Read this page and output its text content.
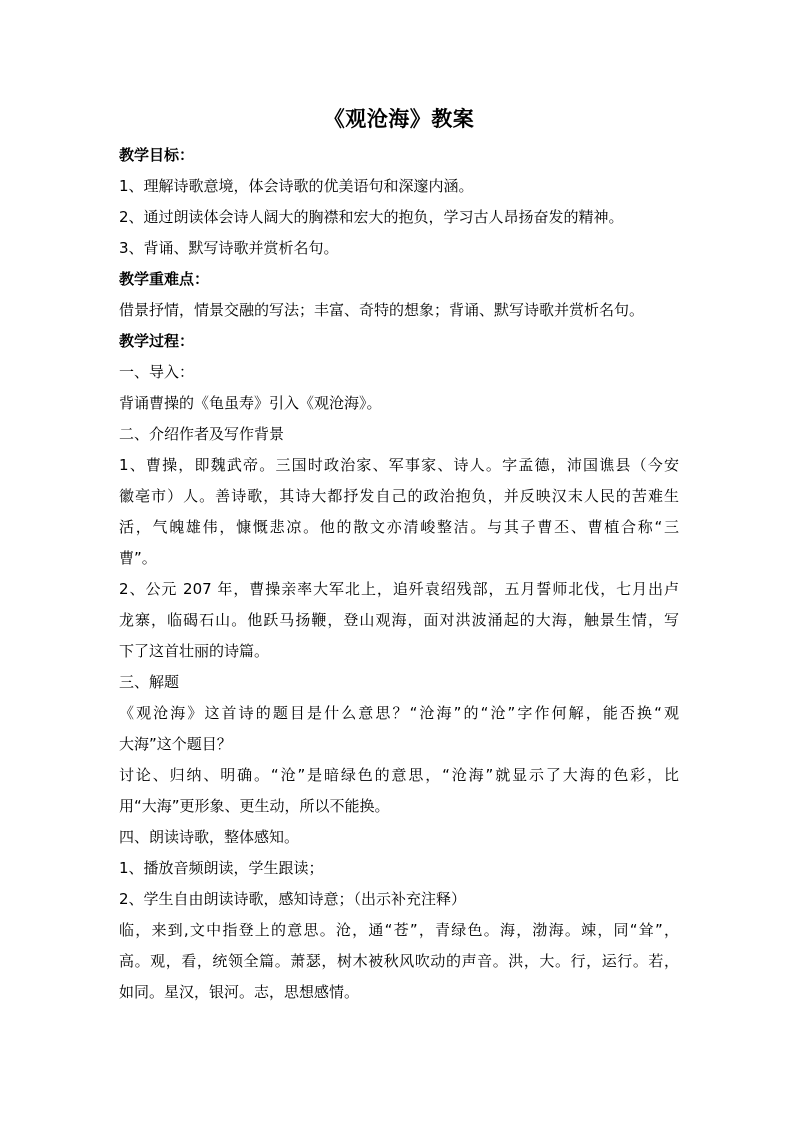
《观沧海》教案

教学目标：

1、理解诗歌意境，体会诗歌的优美语句和深邃内涵。

2、通过朗读体会诗人阔大的胸襟和宏大的抱负，学习古人昂扬奋发的精神。

3、背诵、默写诗歌并赏析名句。

教学重难点：

借景抒情，情景交融的写法；丰富、奇特的想象；背诵、默写诗歌并赏析名句。

教学过程：

一、导入：

背诵曹操的《龟虽寿》引入《观沧海》。

二、介绍作者及写作背景

1、曹操，即魏武帝。三国时政治家、军事家、诗人。字孟德，沛国谯县（今安

徽亳市）人。善诗歌，其诗大都抒发自己的政治抱负，并反映汉末人民的苦难生

活，气魄雄伟，慷慨悲凉。他的散文亦清峻整洁。与其子曹丕、曹植合称“三

曹”。

2、公元 207 年，曹操亲率大军北上，追歼袁绍残部，五月誓师北伐，七月出卢

龙寨，临碣石山。他跃马扬鞭，登山观海，面对洪波涌起的大海，触景生情，写

下了这首壮丽的诗篇。

三、解题

《观沧海》这首诗的题目是什么意思？“沧海”的“沧”字作何解，能否换“观

大海”这个题目？

讨论、归纳、明确。“沧”是暗绿色的意思，“沧海”就显示了大海的色彩，比

用“大海”更形象、更生动，所以不能换。

四、朗读诗歌，整体感知。

1、播放音频朗读，学生跟读；

2、学生自由朗读诗歌，感知诗意；（出示补充注释）

临，来到,文中指登上的意思。沧，通“苍”，青绿色。海，渤海。竦，同“耸”，

高。观，看，统领全篇。萧瑟，树木被秋风吹动的声音。洪，大。行，运行。若，

如同。星汉，银河。志，思想感情。
